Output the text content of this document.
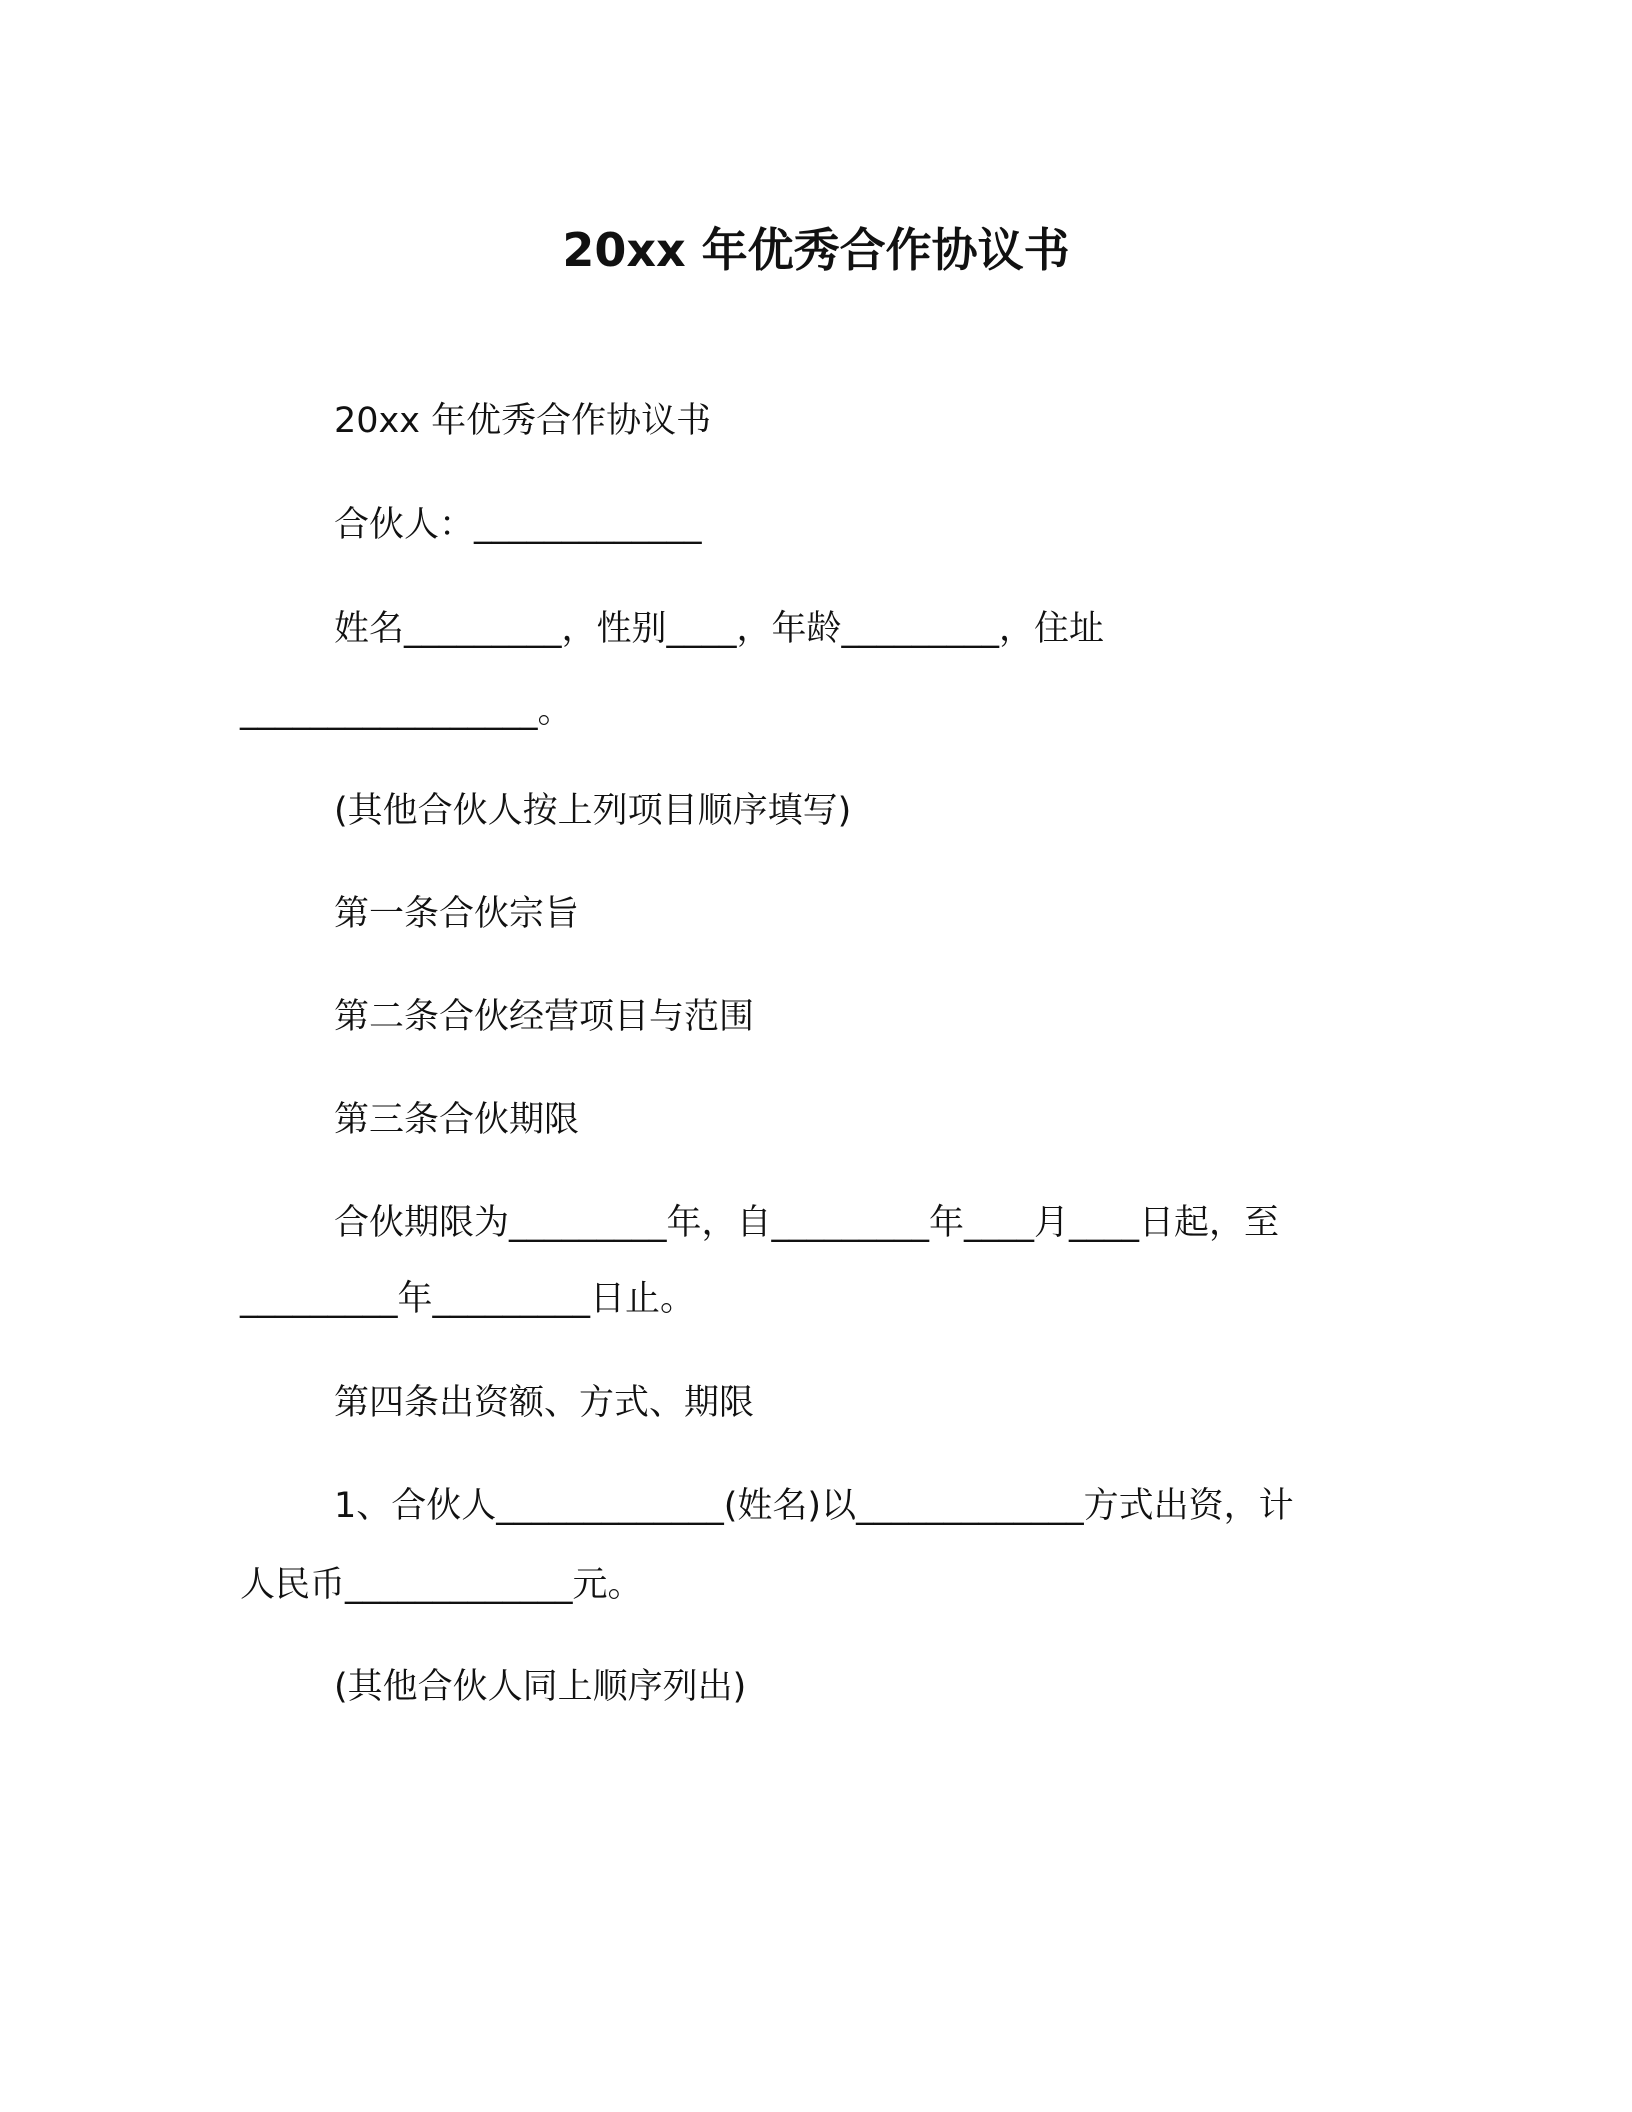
20xx 年优秀合作协议书
20xx 年优秀合作协议书
合伙人：_____________
姓名_________，性别____，年龄_________，住址
_________________。
(其他合伙人按上列项目顺序填写)
第一条合伙宗旨
第二条合伙经营项目与范围
第三条合伙期限
合伙期限为_________年，自_________年____月____日起，至
_________年_________日止。
第四条出资额、方式、期限
1、合伙人_____________(姓名)以_____________方式出资，计
人民币_____________元。
(其他合伙人同上顺序列出)
